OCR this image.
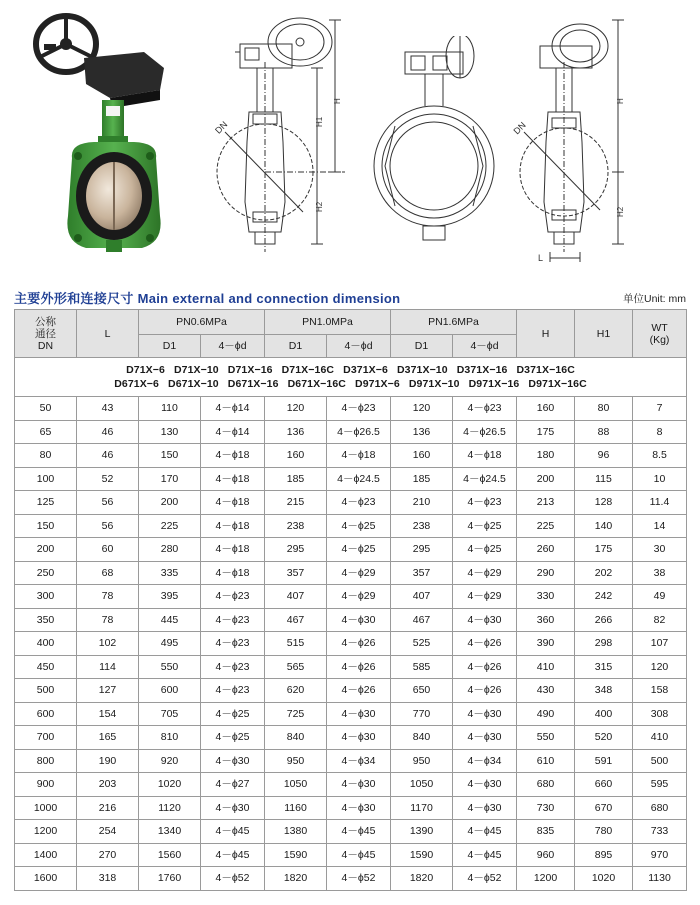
DN
H
H1
H2
DN
H
H2
L
主要外形和连接尺寸 Main external and connection dimension	单位Unit: mm
公称
通径
DN	L	PN0.6MPa		PN1.0MPa		PN1.6MPa		H	H1	WT
(Kg)

		D1	4－ϕd	D1	4－ϕd	D1	4－ϕd			

D71X−6   D71X−10   D71X−16   D71X−16C   D371X−6   D371X−10   D371X−16   D371X−16C
D671X−6   D671X−10   D671X−16   D671X−16C   D971X−6   D971X−10   D971X−16   D971X−16C										

50	43	110	4－ϕ14	120	4－ϕ23	120	4－ϕ23	160	80	7
65	46	130	4－ϕ14	136	4－ϕ26.5	136	4－ϕ26.5	175	88	8
80	46	150	4－ϕ18	160	4－ϕ18	160	4－ϕ18	180	96	8.5
100	52	170	4－ϕ18	185	4－ϕ24.5	185	4－ϕ24.5	200	115	10
125	56	200	4－ϕ18	215	4－ϕ23	210	4－ϕ23	213	128	11.4
150	56	225	4－ϕ18	238	4－ϕ25	238	4－ϕ25	225	140	14
200	60	280	4－ϕ18	295	4－ϕ25	295	4－ϕ25	260	175	30
250	68	335	4－ϕ18	357	4－ϕ29	357	4－ϕ29	290	202	38
300	78	395	4－ϕ23	407	4－ϕ29	407	4－ϕ29	330	242	49
350	78	445	4－ϕ23	467	4－ϕ30	467	4－ϕ30	360	266	82
400	102	495	4－ϕ23	515	4－ϕ26	525	4－ϕ26	390	298	107
450	114	550	4－ϕ23	565	4－ϕ26	585	4－ϕ26	410	315	120
500	127	600	4－ϕ23	620	4－ϕ26	650	4－ϕ26	430	348	158
600	154	705	4－ϕ25	725	4－ϕ30	770	4－ϕ30	490	400	308
700	165	810	4－ϕ25	840	4－ϕ30	840	4－ϕ30	550	520	410
800	190	920	4－ϕ30	950	4－ϕ34	950	4－ϕ34	610	591	500
900	203	1020	4－ϕ27	1050	4－ϕ30	1050	4－ϕ30	680	660	595
1000	216	1120	4－ϕ30	1160	4－ϕ30	1170	4－ϕ30	730	670	680
1200	254	1340	4－ϕ45	1380	4－ϕ45	1390	4－ϕ45	835	780	733
1400	270	1560	4－ϕ45	1590	4－ϕ45	1590	4－ϕ45	960	895	970
1600	318	1760	4－ϕ52	1820	4－ϕ52	1820	4－ϕ52	1200	1020	1130
